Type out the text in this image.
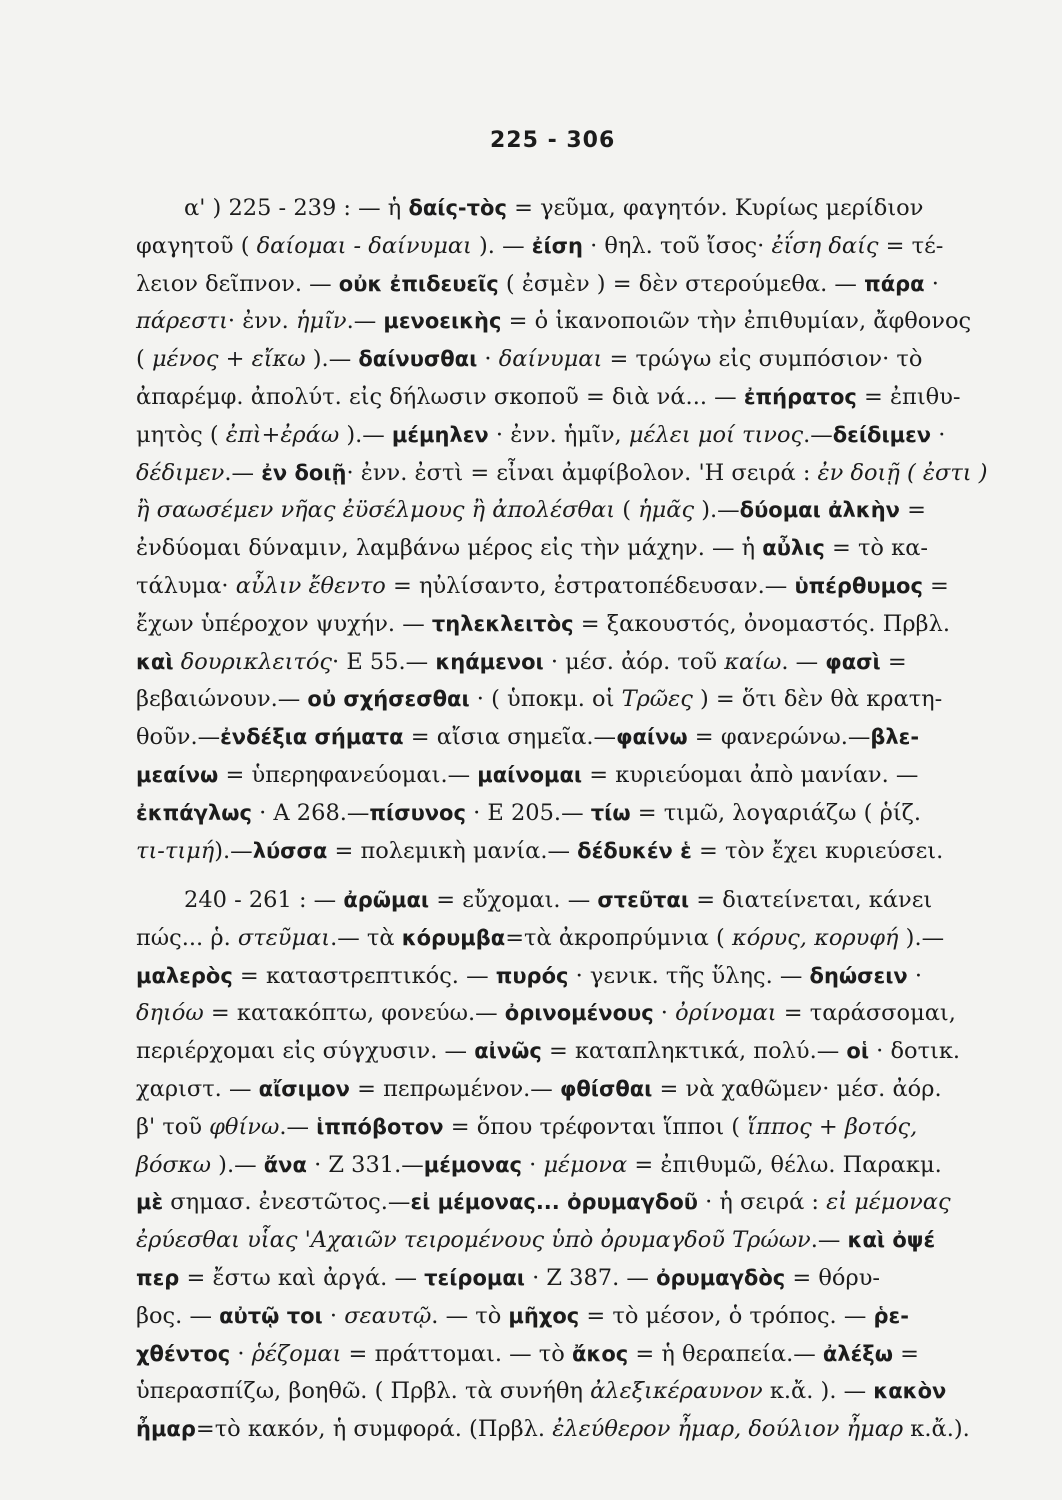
225 - 306

α' ) 225 - 239 : — ἡ δαίς-τὸς = γεῦμα, φαγητόν. Κυρίως μερίδιον
φαγητοῦ ( δαίομαι - δαίνυμαι ). — ἐίση · θηλ. τοῦ ἴσος· ἐΐση δαίς = τέ-
λειον δεῖπνον. — οὐκ ἐπιδευεῖς ( ἐσμὲν ) = δὲν στερούμεθα. — πάρα ·
πάρεστι· ἐνν. ἡμῖν.— μενοεικὴς = ὁ ἱκανοποιῶν τὴν ἐπιθυμίαν, ἄφθονος
( μένος + εἴκω ).— δαίνυσθαι · δαίνυμαι = τρώγω εἰς συμπόσιον· τὸ
ἀπαρέμφ. ἀπολύτ. εἰς δήλωσιν σκοποῦ = διὰ νά... — ἐπήρατος = ἐπιθυ-
μητὸς ( ἐπὶ+ἐράω ).— μέμηλεν · ἐνν. ἡμῖν, μέλει μοί τινος.—δείδιμεν ·
δέδιμεν.— ἐν δοιῇ· ἐνν. ἐστὶ = εἶναι ἀμφίβολον. 'Η σειρά : ἐν δοιῇ ( ἐστι )
ἢ σαωσέμεν νῆας ἐϋσέλμους ἢ ἀπολέσθαι ( ἡμᾶς ).—δύομαι ἀλκὴν =
ἐνδύομαι δύναμιν, λαμβάνω μέρος εἰς τὴν μάχην. — ἡ αὖλις = τὸ κα-
τάλυμα· αὖλιν ἔθεντο = ηὐλίσαντο, ἐστρατοπέδευσαν.— ὑπέρθυμος =
ἔχων ὑπέροχον ψυχήν. — τηλεκλειτὸς = ξακουστός, ὀνομαστός. Πρβλ.
καὶ δουρικλειτός· Ε 55.— κηάμενοι · μέσ. ἀόρ. τοῦ καίω. — φασὶ =
βεβαιώνουν.— οὐ σχήσεσθαι · ( ὑποκμ. οἱ Τρῶες ) = ὅτι δὲν θὰ κρατη-
θοῦν.—ἐνδέξια σήματα = αἴσια σημεῖα.—φαίνω = φανερώνω.—βλε-
μεαίνω = ὑπερηφανεύομαι.— μαίνομαι = κυριεύομαι ἀπὸ μανίαν. —
ἐκπάγλως · Α 268.—πίσυνος · Ε 205.— τίω = τιμῶ, λογαριάζω ( ῥίζ.
τι-τιμή).—λύσσα = πολεμικὴ μανία.— δέδυκέν ἑ = τὸν ἔχει κυριεύσει.

240 - 261 : — ἀρῶμαι = εὔχομαι. — στεῦται = διατείνεται, κάνει
πώς... ῥ. στεῦμαι.— τὰ κόρυμβα=τὰ ἀκροπρύμνια ( κόρυς, κορυφή ).—
μαλερὸς = καταστρεπτικός. — πυρός · γενικ. τῆς ὕλης. — δηώσειν ·
δηιόω = κατακόπτω, φονεύω.— ὀρινομένους · ὀρίνομαι = ταράσσομαι,
περιέρχομαι εἰς σύγχυσιν. — αἰνῶς = καταπληκτικά, πολύ.— οἱ · δοτικ.
χαριστ. — αἴσιμον = πεπρωμένον.— φθίσθαι = νὰ χαθῶμεν· μέσ. ἀόρ.
β' τοῦ φθίνω.— ἱππόβοτον = ὅπου τρέφονται ἵπποι ( ἵππος + βοτός,
βόσκω ).— ἄνα · Ζ 331.—μέμονας · μέμονα = ἐπιθυμῶ, θέλω. Παρακμ.
μὲ σημασ. ἐνεστῶτος.—εἰ μέμονας... ὀρυμαγδοῦ · ἡ σειρά : εἰ μέμονας
ἐρύεσθαι υἷας 'Αχαιῶν τειρομένους ὑπὸ ὀρυμαγδοῦ Τρώων.— καὶ ὀψέ
περ = ἔστω καὶ ἀργά. — τείρομαι · Ζ 387. — ὀρυμαγδὸς = θόρυ-
βος. — αὐτῷ τοι · σεαυτῷ. — τὸ μῆχος = τὸ μέσον, ὁ τρόπος. — ῥε-
χθέντος · ῥέζομαι = πράττομαι. — τὸ ἄκος = ἡ θεραπεία.— ἀλέξω =
ὑπερασπίζω, βοηθῶ. ( Πρβλ. τὰ συνήθη ἀλεξικέραυνον κ.ἄ. ). — κακὸν
ἦμαρ=τὸ κακόν, ἡ συμφορά. (Πρβλ. ἐλεύθερον ἦμαρ, δούλιον ἦμαρ κ.ἄ.).
